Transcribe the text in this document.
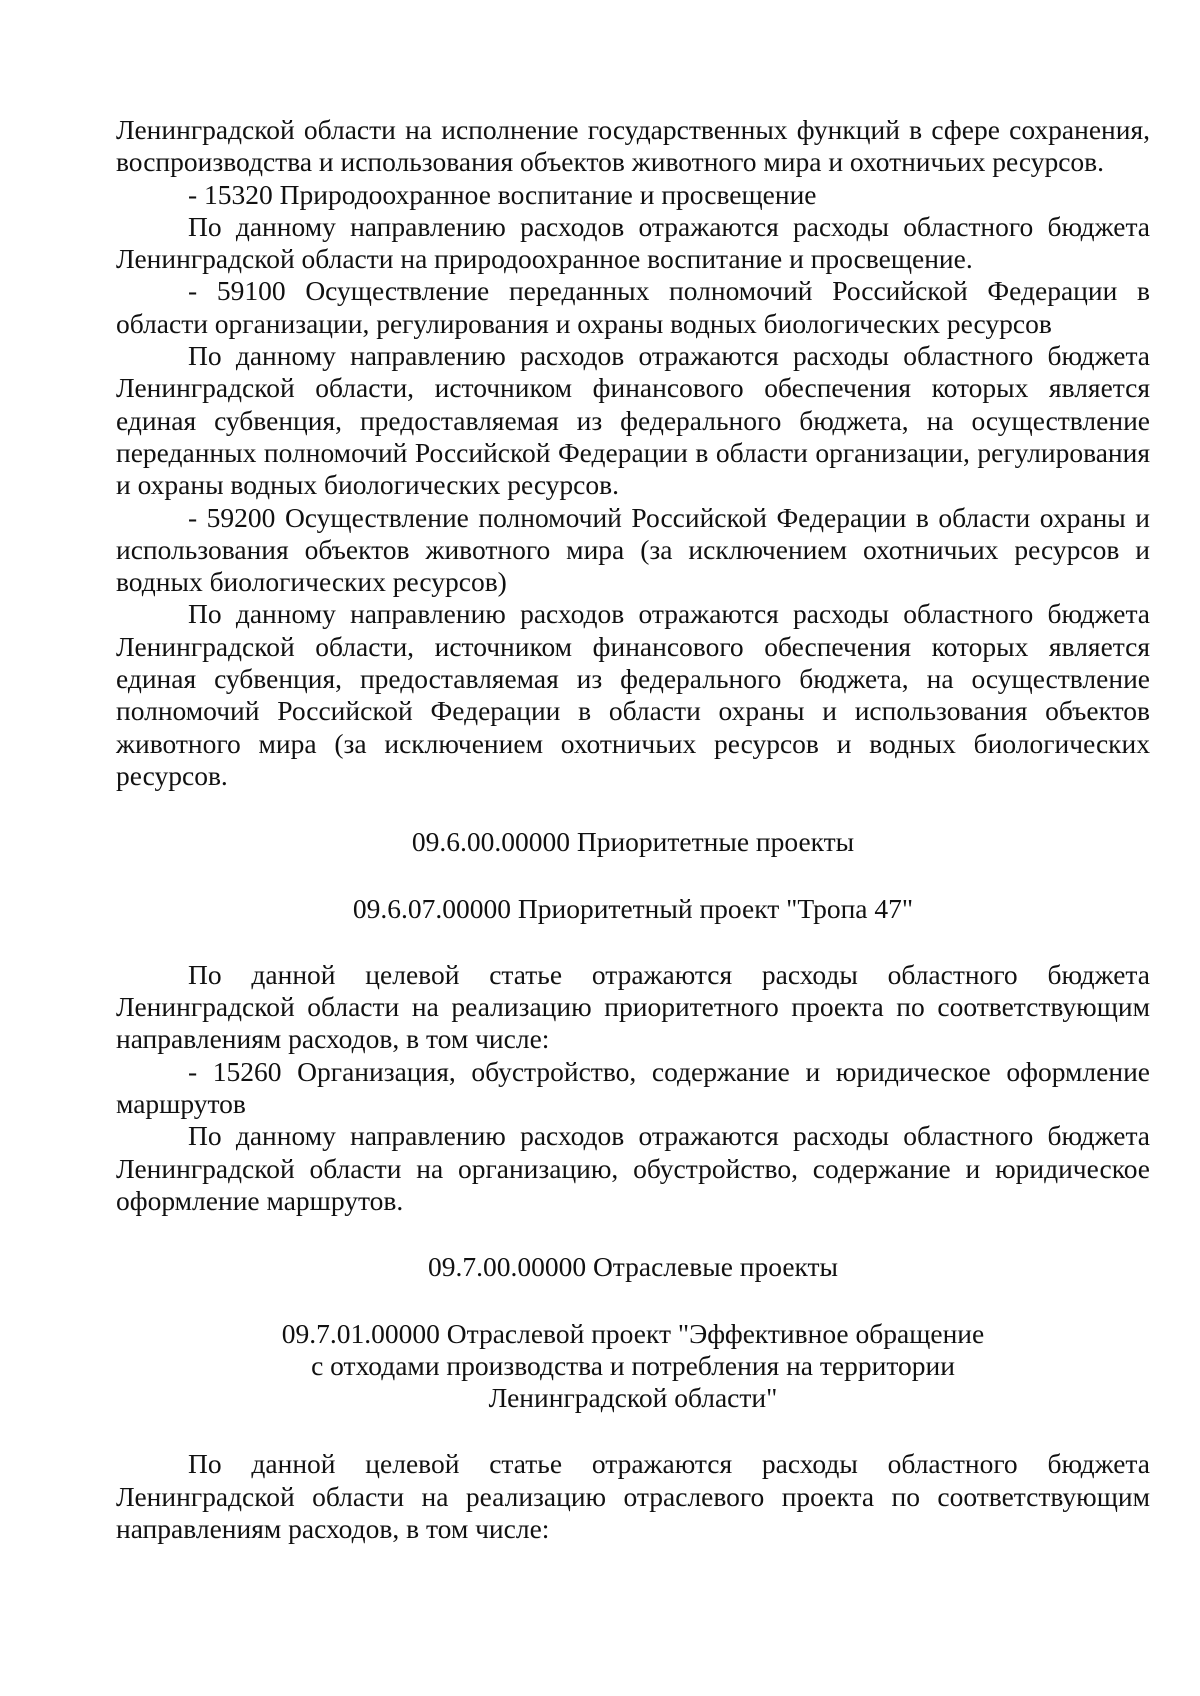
Ленинградской области на исполнение государственных функций в сфере сохранения, воспроизводства и использования объектов животного мира и охотничьих ресурсов.

- 15320 Природоохранное воспитание и просвещение

По данному направлению расходов отражаются расходы областного бюджета Ленинградской области на природоохранное воспитание и просвещение.

- 59100 Осуществление переданных полномочий Российской Федерации в области организации, регулирования и охраны водных биологических ресурсов

По данному направлению расходов отражаются расходы областного бюджета Ленинградской области, источником финансового обеспечения которых является единая субвенция, предоставляемая из федерального бюджета, на осуществление переданных полномочий Российской Федерации в области организации, регулирования и охраны водных биологических ресурсов.

- 59200 Осуществление полномочий Российской Федерации в области охраны и использования объектов животного мира (за исключением охотничьих ресурсов и водных биологических ресурсов)

По данному направлению расходов отражаются расходы областного бюджета Ленинградской области, источником финансового обеспечения которых является единая субвенция, предоставляемая из федерального бюджета, на осуществление полномочий Российской Федерации в области охраны и использования объектов животного мира (за исключением охотничьих ресурсов и водных биологических ресурсов.

09.6.00.00000 Приоритетные проекты

09.6.07.00000 Приоритетный проект "Тропа 47"

По данной целевой статье отражаются расходы областного бюджета Ленинградской области на реализацию приоритетного проекта по соответствующим направлениям расходов, в том числе:

- 15260 Организация, обустройство, содержание и юридическое оформление маршрутов

По данному направлению расходов отражаются расходы областного бюджета Ленинградской области на организацию, обустройство, содержание и юридическое оформление маршрутов.

09.7.00.00000 Отраслевые проекты

09.7.01.00000 Отраслевой проект "Эффективное обращение

с отходами производства и потребления на территории

Ленинградской области"

По данной целевой статье отражаются расходы областного бюджета Ленинградской области на реализацию отраслевого проекта по соответствующим направлениям расходов, в том числе:
